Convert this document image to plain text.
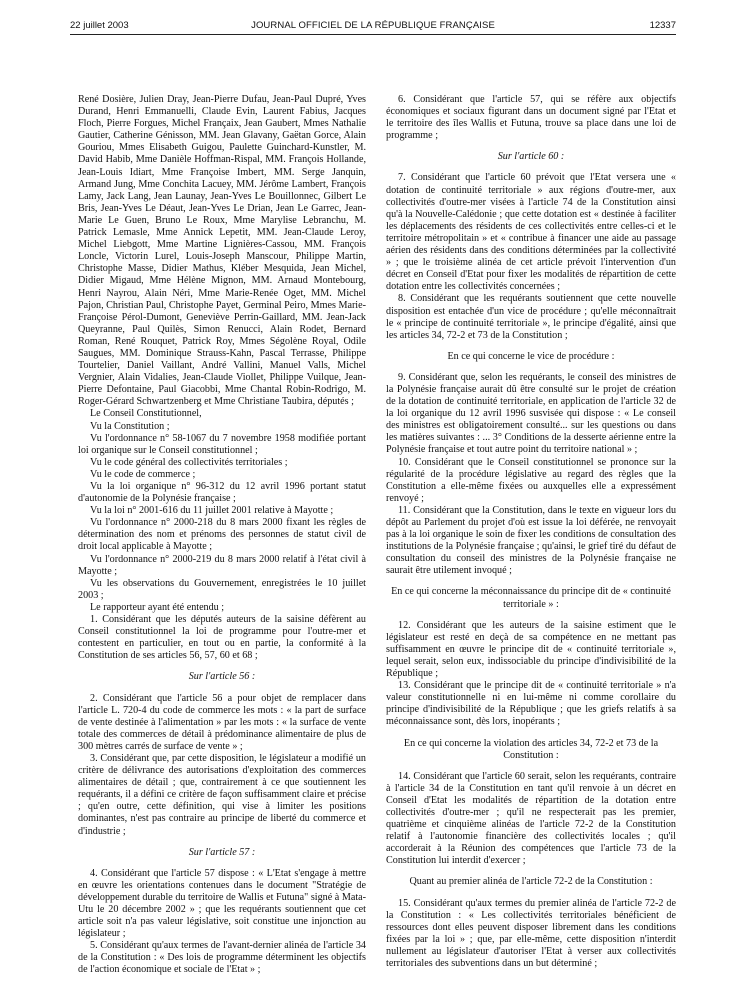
22 juillet 2003	JOURNAL OFFICIEL DE LA RÉPUBLIQUE FRANÇAISE	12337

René Dosière, Julien Dray, Jean-Pierre Dufau, Jean-Paul Dupré, Yves Durand, Henri Emmanuelli, Claude Evin, Laurent Fabius, Jacques Floch, Pierre Forgues, Michel Françaix, Jean Gaubert, Mmes Nathalie Gautier, Catherine Génisson, MM. Jean Glavany, Gaëtan Gorce, Alain Gouriou, Mmes Elisabeth Guigou, Paulette Guinchard-Kunstler, M. David Habib, Mme Danièle Hoffman-Rispal, MM. François Hollande, Jean-Louis Idiart, Mme Françoise Imbert, MM. Serge Janquin, Armand Jung, Mme Conchita Lacuey, MM. Jérôme Lambert, François Lamy, Jack Lang, Jean Launay, Jean-Yves Le Bouillonnec, Gilbert Le Bris, Jean-Yves Le Déaut, Jean-Yves Le Drian, Jean Le Garrec, Jean-Marie Le Guen, Bruno Le Roux, Mme Marylise Lebranchu, M. Patrick Lemasle, Mme Annick Lepetit, MM. Jean-Claude Leroy, Michel Liebgott, Mme Martine Lignières-Cassou, MM. François Loncle, Victorin Lurel, Louis-Joseph Manscour, Philippe Martin, Christophe Masse, Didier Mathus, Kléber Mesquida, Jean Michel, Didier Migaud, Mme Hélène Mignon, MM. Arnaud Montebourg, Henri Nayrou, Alain Néri, Mme Marie-Renée Oget, MM. Michel Pajon, Christian Paul, Christophe Payet, Germinal Peiro, Mmes Marie-Françoise Pérol-Dumont, Geneviève Perrin-Gaillard, MM. Jean-Jack Queyranne, Paul Quilès, Simon Renucci, Alain Rodet, Bernard Roman, René Rouquet, Patrick Roy, Mmes Ségolène Royal, Odile Saugues, MM. Dominique Strauss-Kahn, Pascal Terrasse, Philippe Tourtelier, Daniel Vaillant, André Vallini, Manuel Valls, Michel Vergnier, Alain Vidalies, Jean-Claude Viollet, Philippe Vuilque, Jean-Pierre Defontaine, Paul Giacobbi, Mme Chantal Robin-Rodrigo, M. Roger-Gérard Schwartzenberg et Mme Christiane Taubira, députés ;

Le Conseil Constitutionnel,

Vu la Constitution ;

Vu l'ordonnance n° 58-1067 du 7 novembre 1958 modifiée portant loi organique sur le Conseil constitutionnel ;

Vu le code général des collectivités territoriales ;

Vu le code de commerce ;

Vu la loi organique n° 96-312 du 12 avril 1996 portant statut d'autonomie de la Polynésie française ;

Vu la loi n° 2001-616 du 11 juillet 2001 relative à Mayotte ;

Vu l'ordonnance n° 2000-218 du 8 mars 2000 fixant les règles de détermination des nom et prénoms des personnes de statut civil de droit local applicable à Mayotte ;

Vu l'ordonnance n° 2000-219 du 8 mars 2000 relatif à l'état civil à Mayotte ;

Vu les observations du Gouvernement, enregistrées le 10 juillet 2003 ;

Le rapporteur ayant été entendu ;

1. Considérant que les députés auteurs de la saisine défèrent au Conseil constitutionnel la loi de programme pour l'outre-mer et contestent en particulier, en tout ou en partie, la conformité à la Constitution de ses articles 56, 57, 60 et 68 ;

Sur l'article 56 :

2. Considérant que l'article 56 a pour objet de remplacer dans l'article L. 720-4 du code de commerce les mots : « la part de surface de vente destinée à l'alimentation » par les mots : « la surface de vente totale des commerces de détail à prédominance alimentaire de plus de 300 mètres carrés de surface de vente » ;

3. Considérant que, par cette disposition, le législateur a modifié un critère de délivrance des autorisations d'exploitation des commerces alimentaires de détail ; que, contrairement à ce que soutiennent les requérants, il a défini ce critère de façon suffisamment claire et précise ; qu'en outre, cette définition, qui vise à limiter les positions dominantes, n'est pas contraire au principe de liberté du commerce et d'industrie ;

Sur l'article 57 :

4. Considérant que l'article 57 dispose : « L'Etat s'engage à mettre en œuvre les orientations contenues dans le document "Stratégie de développement durable du territoire de Wallis et Futuna" signé à Mata-Utu le 20 décembre 2002 » ; que les requérants soutiennent que cet article soit n'a pas valeur législative, soit constitue une injonction au législateur ;

5. Considérant qu'aux termes de l'avant-dernier alinéa de l'article 34 de la Constitution : « Des lois de programme déterminent les objectifs de l'action économique et sociale de l'Etat » ;

6. Considérant que l'article 57, qui se réfère aux objectifs économiques et sociaux figurant dans un document signé par l'Etat et le territoire des îles Wallis et Futuna, trouve sa place dans une loi de programme ;

Sur l'article 60 :

7. Considérant que l'article 60 prévoit que l'Etat versera une « dotation de continuité territoriale » aux régions d'outre-mer, aux collectivités d'outre-mer visées à l'article 74 de la Constitution ainsi qu'à la Nouvelle-Calédonie ; que cette dotation est « destinée à faciliter les déplacements des résidents de ces collectivités entre celles-ci et le territoire métropolitain » et « contribue à financer une aide au passage aérien des résidents dans des conditions déterminées par la collectivité » ; que le troisième alinéa de cet article prévoit l'intervention d'un décret en Conseil d'Etat pour fixer les modalités de répartition de cette dotation entre les collectivités concernées ;

8. Considérant que les requérants soutiennent que cette nouvelle disposition est entachée d'un vice de procédure ; qu'elle méconnaîtrait le « principe de continuité territoriale », le principe d'égalité, ainsi que les articles 34, 72-2 et 73 de la Constitution ;

En ce qui concerne le vice de procédure :

9. Considérant que, selon les requérants, le conseil des ministres de la Polynésie française aurait dû être consulté sur le projet de création de la dotation de continuité territoriale, en application de l'article 32 de la loi organique du 12 avril 1996 susvisée qui dispose : « Le conseil des ministres est obligatoirement consulté... sur les questions ou dans les matières suivantes : ... 3° Conditions de la desserte aérienne entre la Polynésie française et tout autre point du territoire national » ;

10. Considérant que le Conseil constitutionnel se prononce sur la régularité de la procédure législative au regard des règles que la Constitution a elle-même fixées ou auxquelles elle a expressément renvoyé ;

11. Considérant que la Constitution, dans le texte en vigueur lors du dépôt au Parlement du projet d'où est issue la loi déférée, ne renvoyait pas à la loi organique le soin de fixer les conditions de consultation des institutions de la Polynésie française ; qu'ainsi, le grief tiré du défaut de consultation du conseil des ministres de la Polynésie française ne saurait être utilement invoqué ;

En ce qui concerne la méconnaissance du principe dit de « continuité territoriale » :

12. Considérant que les auteurs de la saisine estiment que le législateur est resté en deçà de sa compétence en ne mettant pas suffisamment en œuvre le principe dit de « continuité territoriale », lequel serait, selon eux, indissociable du principe d'indivisibilité de la République ;

13. Considérant que le principe dit de « continuité territoriale » n'a valeur constitutionnelle ni en lui-même ni comme corollaire du principe d'indivisibilité de la République ; que les griefs relatifs à sa méconnaissance sont, dès lors, inopérants ;

En ce qui concerne la violation des articles 34, 72-2 et 73 de la Constitution :

14. Considérant que l'article 60 serait, selon les requérants, contraire à l'article 34 de la Constitution en tant qu'il renvoie à un décret en Conseil d'Etat les modalités de répartition de la dotation entre collectivités d'outre-mer ; qu'il ne respecterait pas les premier, quatrième et cinquième alinéas de l'article 72-2 de la Constitution relatif à l'autonomie financière des collectivités locales ; qu'il accorderait à la Réunion des compétences que l'article 73 de la Constitution lui interdit d'exercer ;

Quant au premier alinéa de l'article 72-2 de la Constitution :

15. Considérant qu'aux termes du premier alinéa de l'article 72-2 de la Constitution : « Les collectivités territoriales bénéficient de ressources dont elles peuvent disposer librement dans les conditions fixées par la loi » ; que, par elle-même, cette disposition n'interdit nullement au législateur d'autoriser l'Etat à verser aux collectivités territoriales des subventions dans un but déterminé ;
